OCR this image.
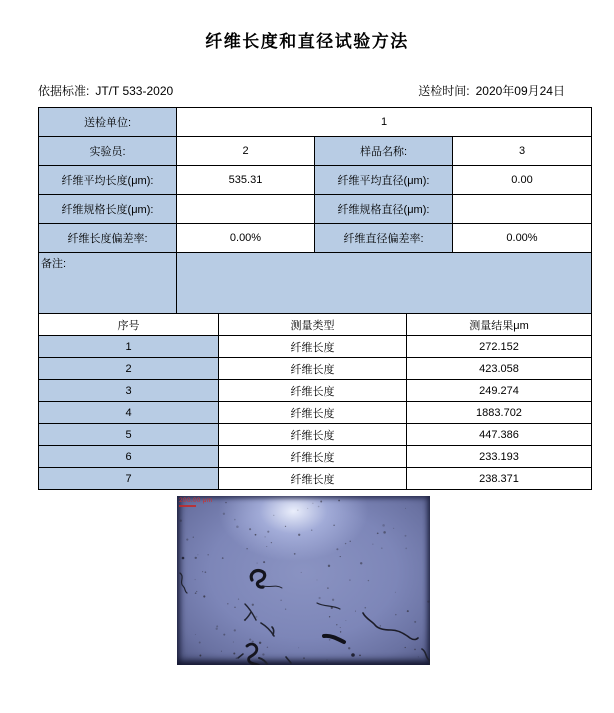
纤维长度和直径试验方法
依据标准: JT/T 533-2020	送检时间: 2020年09月24日
送检单位:	1		
实验员:	2	样品名称:	3
纤维平均长度(μm):	535.31	纤维平均直径(μm):	0.00
纤维规格长度(μm):		纤维规格直径(μm):	
纤维长度偏差率:	0.00%	纤维直径偏差率:	0.00%
备注:			
序号	测量类型	测量结果μm
1	纤维长度	272.152
2	纤维长度	423.058
3	纤维长度	249.274
4	纤维长度	1883.702
5	纤维长度	447.386
6	纤维长度	233.193
7	纤维长度	238.371
200.00 μm
